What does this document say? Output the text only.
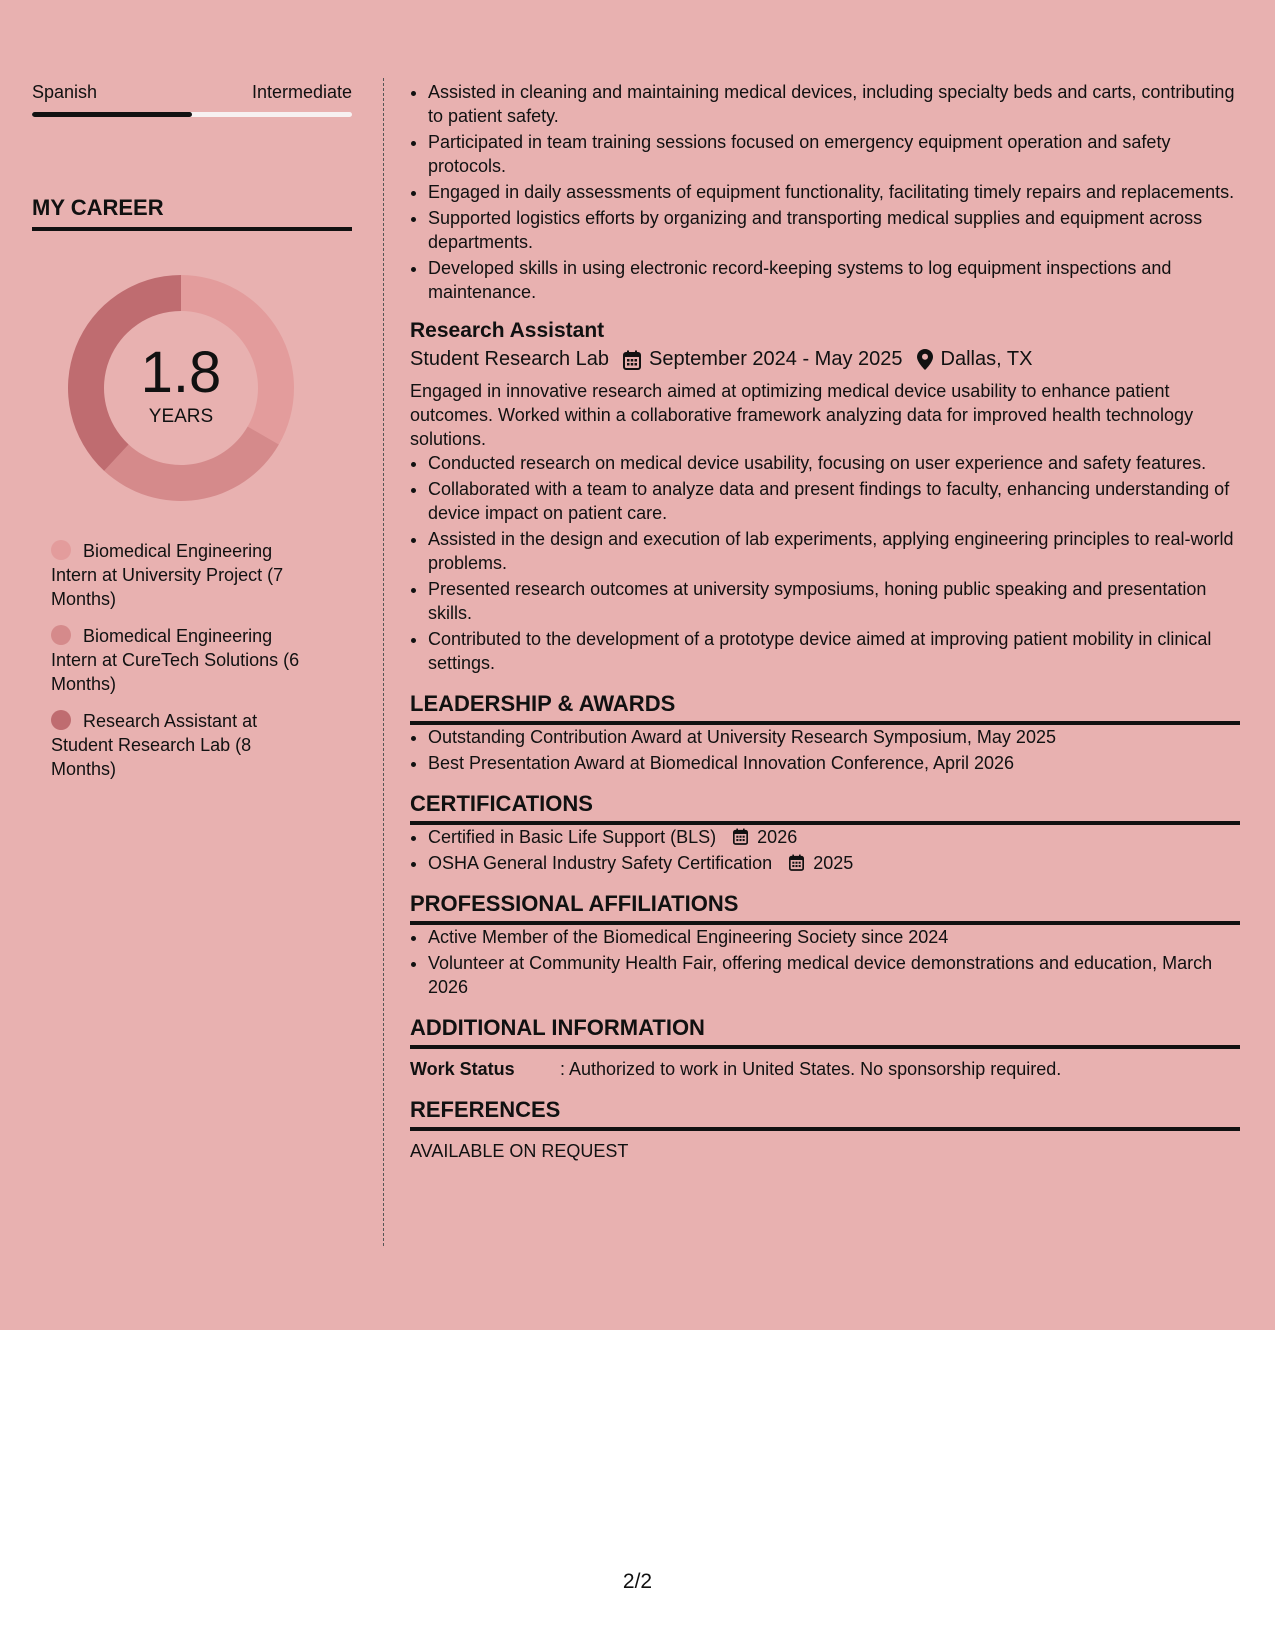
Spanish	Intermediate
MY CAREER
1.8
YEARS
Biomedical Engineering Intern at University Project (7 Months)
Biomedical Engineering Intern at CureTech Solutions (6 Months)
Research Assistant at Student Research Lab (8 Months)
• Assisted in cleaning and maintaining medical devices, including specialty beds and carts, contributing to patient safety.
• Participated in team training sessions focused on emergency equipment operation and safety protocols.
• Engaged in daily assessments of equipment functionality, facilitating timely repairs and replacements.
• Supported logistics efforts by organizing and transporting medical supplies and equipment across departments.
• Developed skills in using electronic record-keeping systems to log equipment inspections and maintenance.
Research Assistant
Student Research Lab September 2024 - May 2025 Dallas, TX
Engaged in innovative research aimed at optimizing medical device usability to enhance patient outcomes. Worked within a collaborative framework analyzing data for improved health technology solutions.
• Conducted research on medical device usability, focusing on user experience and safety features.
• Collaborated with a team to analyze data and present findings to faculty, enhancing understanding of device impact on patient care.
• Assisted in the design and execution of lab experiments, applying engineering principles to real-world problems.
• Presented research outcomes at university symposiums, honing public speaking and presentation skills.
• Contributed to the development of a prototype device aimed at improving patient mobility in clinical settings.
LEADERSHIP & AWARDS
• Outstanding Contribution Award at University Research Symposium, May 2025
• Best Presentation Award at Biomedical Innovation Conference, April 2026
CERTIFICATIONS
• Certified in Basic Life Support (BLS) 2026
• OSHA General Industry Safety Certification 2025
PROFESSIONAL AFFILIATIONS
• Active Member of the Biomedical Engineering Society since 2024
• Volunteer at Community Health Fair, offering medical device demonstrations and education, March 2026
ADDITIONAL INFORMATION
Work Status	: Authorized to work in United States. No sponsorship required.
REFERENCES
AVAILABLE ON REQUEST
2/2
